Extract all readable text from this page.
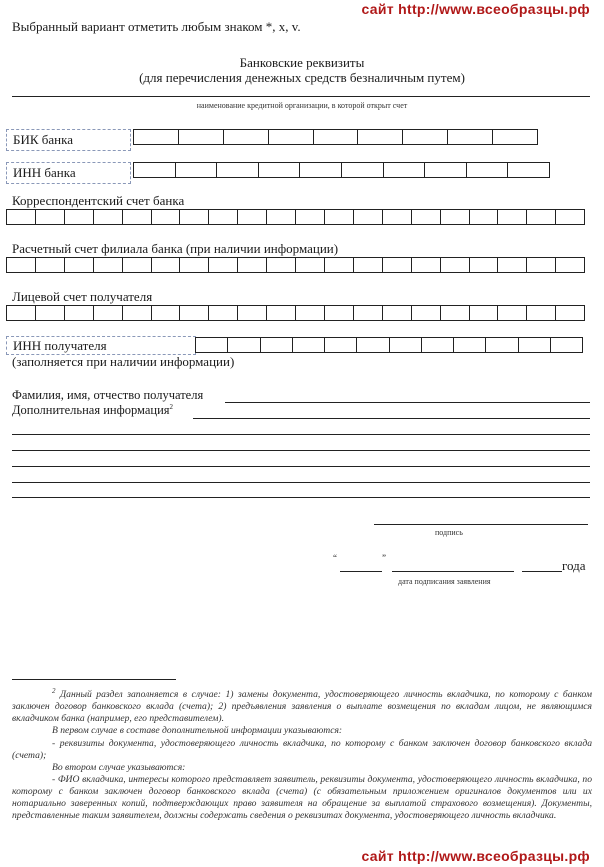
сайт http://www.всеобразцы.рф
Выбранный вариант отметить любым знаком *, x, v.
Банковские реквизиты
(для перечисления денежных средств безналичным путем)
наименование кредитной организации, в которой открыт счет
БИК банка
ИНН банка
Корреспондентский счет банка
Расчетный счет филиала банка (при наличии информации)
Лицевой счет получателя
ИНН получателя
(заполняется при наличии информации)
Фамилия, имя, отчество получателя
Дополнительная информация$^2$
подпись
“	”	года
дата подписания заявления

$^2$ Данный раздел заполняется в случае: 1) замены документа, удостоверяющего личность вкладчика, по которому с банком заключен договор банковского вклада (счета); 2) предъявления заявления о выплате возмещения по вкладам лицом, не являющимся вкладчиком банка (например, его представителем).

В первом случае в составе дополнительной информации указываются:

- реквизиты документа, удостоверяющего личность вкладчика, по которому с банком заключен договор банковского вклада (счета);

Во втором случае указываются:

- ФИО вкладчика, интересы которого представляет заявитель, реквизиты документа, удостоверяющего личность вкладчика, по которому с банком заключен договор банковского вклада (счета) (с обязательным приложением оригиналов документов или их нотариально заверенных копий, подтверждающих право заявителя на обращение за выплатой страхового возмещения). Документы, представленные таким заявителем, должны содержать сведения о реквизитах документа, удостоверяющего личность вкладчика.

сайт http://www.всеобразцы.рф
